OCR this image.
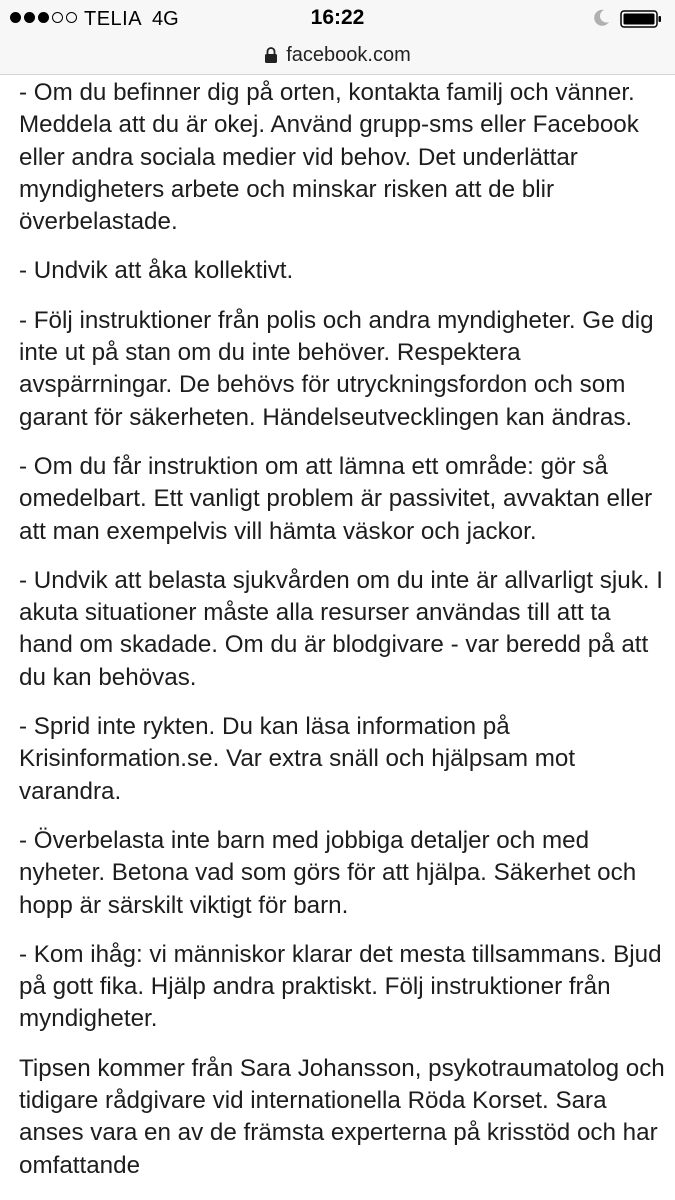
TELIA 4G	16:22
facebook.com

- Om du befinner dig på orten, kontakta familj och vänner. Meddela att du är okej. Använd grupp-sms eller Facebook eller andra sociala medier vid behov. Det underlättar myndigheters arbete och minskar risken att de blir överbelastade.

- Undvik att åka kollektivt.

- Följ instruktioner från polis och andra myndigheter. Ge dig inte ut på stan om du inte behöver. Respektera avspärrningar. De behövs för utryckningsfordon och som garant för säkerheten. Händelseutvecklingen kan ändras.

- Om du får instruktion om att lämna ett område: gör så omedelbart. Ett vanligt problem är passivitet, avvaktan eller att man exempelvis vill hämta väskor och jackor.

- Undvik att belasta sjukvården om du inte är allvarligt sjuk. I akuta situationer måste alla resurser användas till att ta hand om skadade. Om du är blodgivare - var beredd på att du kan behövas.

- Sprid inte rykten. Du kan läsa information på Krisinformation.se. Var extra snäll och hjälpsam mot varandra.

- Överbelasta inte barn med jobbiga detaljer och med nyheter. Betona vad som görs för att hjälpa. Säkerhet och hopp är särskilt viktigt för barn.

- Kom ihåg: vi människor klarar det mesta tillsammans. Bjud på gott fika. Hjälp andra praktiskt. Följ instruktioner från myndigheter.

Tipsen kommer från Sara Johansson, psykotraumatolog och tidigare rådgivare vid internationella Röda Korset. Sara anses vara en av de främsta experterna på krisstöd och har omfattande
